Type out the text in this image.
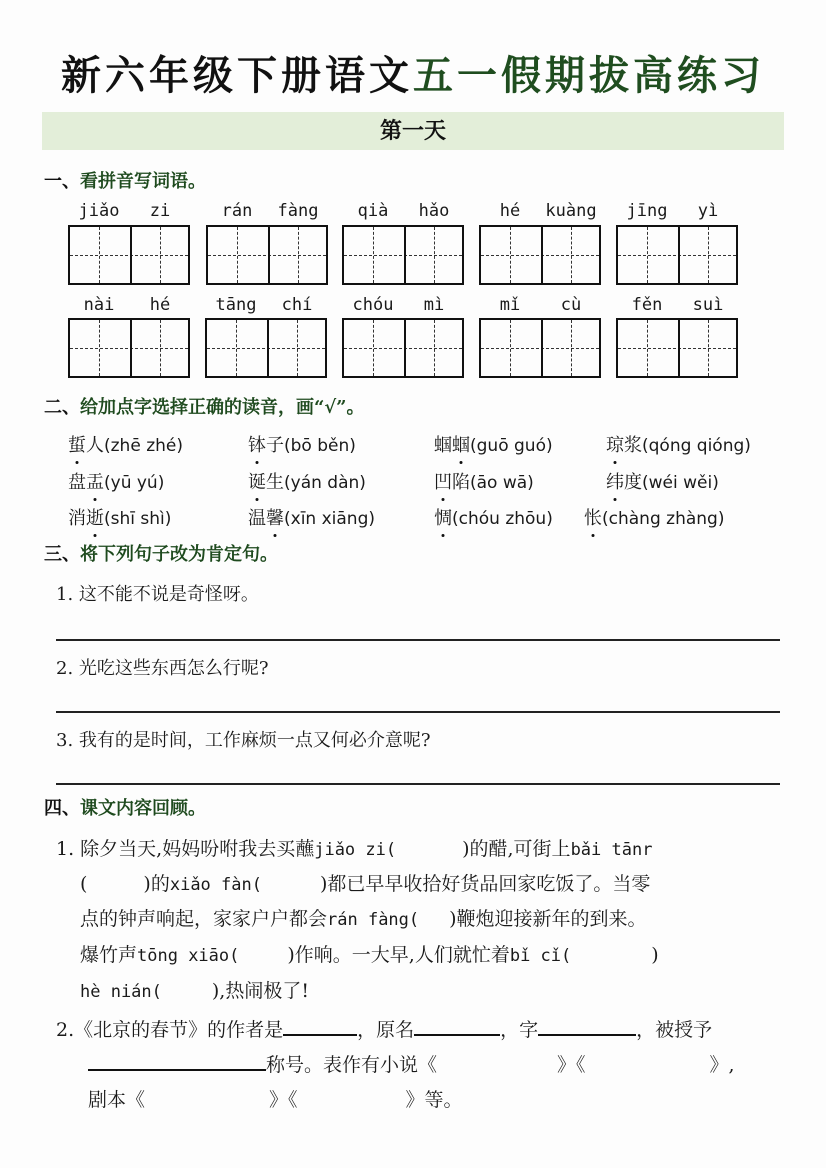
新六年级下册语文五一假期拔高练习
第一天
一、看拼音写词语。
jiǎo	zi	rán	fàng	qià	hǎo	hé	kuàng	jīng	yì
nài	hé	tāng	chí	chóu	mì	mǐ	cù	fěn	suì
二、给加点字选择正确的读音，画“√”。
蜇人(zhē zhé)	钵子(bō běn)	蝈蝈(guō guó)	琼浆(qóng qióng)
盘盂(yū yú)	诞生(yán dàn)	凹陷(āo wā)	纬度(wéi wěi)
消逝(shī shì)	温馨(xīn xiāng)	惆(chóu zhōu) 怅(chàng zhàng)
三、将下列句子改为肯定句。
1. 这不能不说是奇怪呀。
2. 光吃这些东西怎么行呢?
3. 我有的是时间，工作麻烦一点又何必介意呢?
四、课文内容回顾。
1. 除夕当天,妈妈吩咐我去买蘸jiǎo zi(	)的醋,可街上bǎi tānr
(	)的xiǎo fàn(	)都已早早收拾好货品回家吃饭了。当零
点的钟声响起，家家户户都会rán fàng( )鞭炮迎接新年的到来。
爆竹声tōng xiāo(	)作响。一大早,人们就忙着bǐ cǐ(	)
hè nián(	),热闹极了!
2.《北京的春节》的作者是	，原名	，字	，被授予
称号。表作有小说《	》《	》,
剧本《	》《	》等。
